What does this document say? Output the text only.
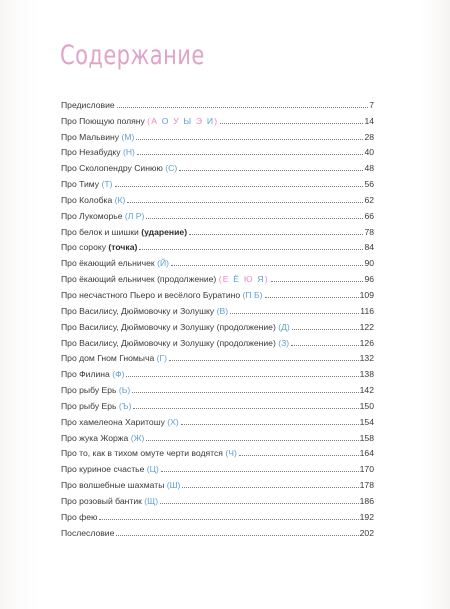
Содержание
Предисловие	7
Про Поющую поляну (А О У Ы Э И)	14
Про Мальвину (М)	28
Про Незабудку (Н)	40
Про Сколопендру Синюю (С)	48
Про Тиму (Т)	56
Про Колобка (К)	62
Про Лукоморье (Л Р)	66
Про белок и шишки (ударение)	78
Про сороку (точка)	84
Про ёкающий ельничек (Й)	90
Про ёкающий ельничек (продолжение) (Е Ё Ю Я)	96
Про несчастного Пьеро и весёлого Буратино (П Б)	109
Про Василису, Дюймовочку и Золушку (В)	116
Про Василису, Дюймовочку и Золушку (продолжение) (Д)	122
Про Василису, Дюймовочку и Золушку (продолжение) (З)	126
Про дом Гном Гномыча (Г)	132
Про Филина (Ф)	138
Про рыбу Ерь (Ь)	142
Про рыбу Ерь (Ъ)	150
Про хамелеона Харитошу (Х)	154
Про жука Жоржа (Ж)	158
Про то, как в тихом омуте черти водятся (Ч)	164
Про куриное счастье (Ц)	170
Про волшебные шахматы (Ш)	178
Про розовый бантик (Щ)	186
Про фею	192
Послесловие	202
